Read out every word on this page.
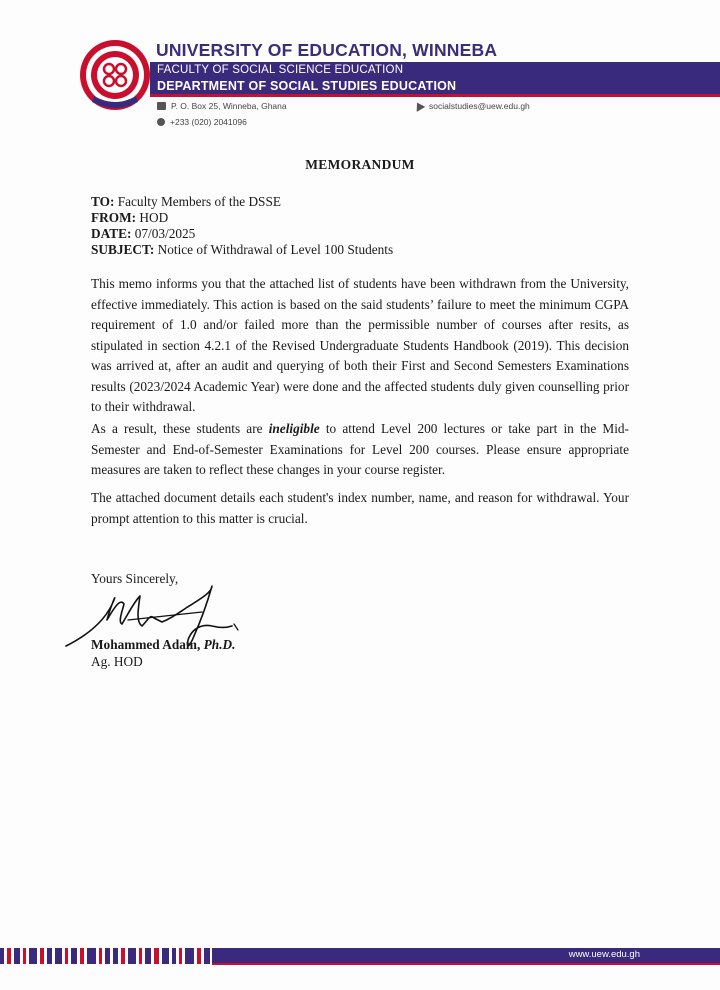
UNIVERSITY OF EDUCATION, WINNEBA
FACULTY OF SOCIAL SCIENCE EDUCATION
DEPARTMENT OF SOCIAL STUDIES EDUCATION
P. O. Box 25, Winneba, Ghana
+233 (020) 2041096
socialstudies@uew.edu.gh
MEMORANDUM
TO: Faculty Members of the DSSE
FROM: HOD
DATE: 07/03/2025
SUBJECT: Notice of Withdrawal of Level 100 Students
This memo informs you that the attached list of students have been withdrawn from the University, effective immediately. This action is based on the said students’ failure to meet the minimum CGPA requirement of 1.0 and/or failed more than the permissible number of courses after resits, as stipulated in section 4.2.1 of the Revised Undergraduate Students Handbook (2019). This decision was arrived at, after an audit and querying of both their First and Second Semesters Examinations results (2023/2024 Academic Year) were done and the affected students duly given counselling prior to their withdrawal.
As a result, these students are ineligible to attend Level 200 lectures or take part in the Mid-Semester and End-of-Semester Examinations for Level 200 courses. Please ensure appropriate measures are taken to reflect these changes in your course register.
The attached document details each student's index number, name, and reason for withdrawal. Your prompt attention to this matter is crucial.
Yours Sincerely,
Mohammed Adam, Ph.D.
Ag. HOD
www.uew.edu.gh
